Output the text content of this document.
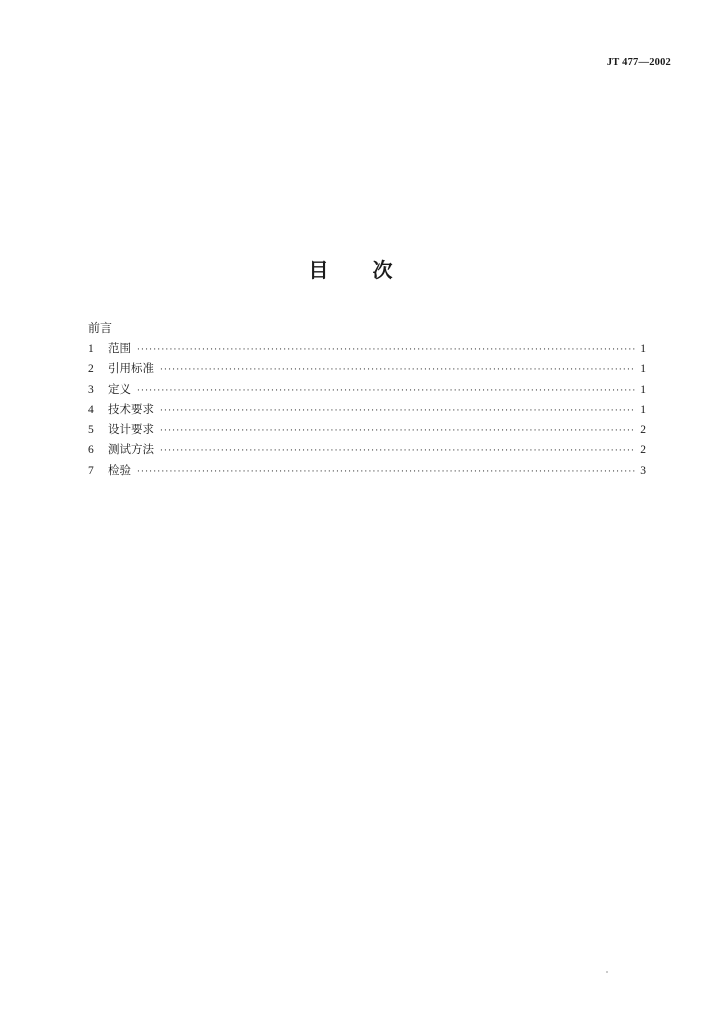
JT 477—2002
目 次
前言
1	范围 ·····	1
2	引用标准 ·····	1
3	定义 ·····	1
4	技术要求 ·····	1
5	设计要求 ·····	2
6	测试方法 ·····	2
7	检验 ·····	3
